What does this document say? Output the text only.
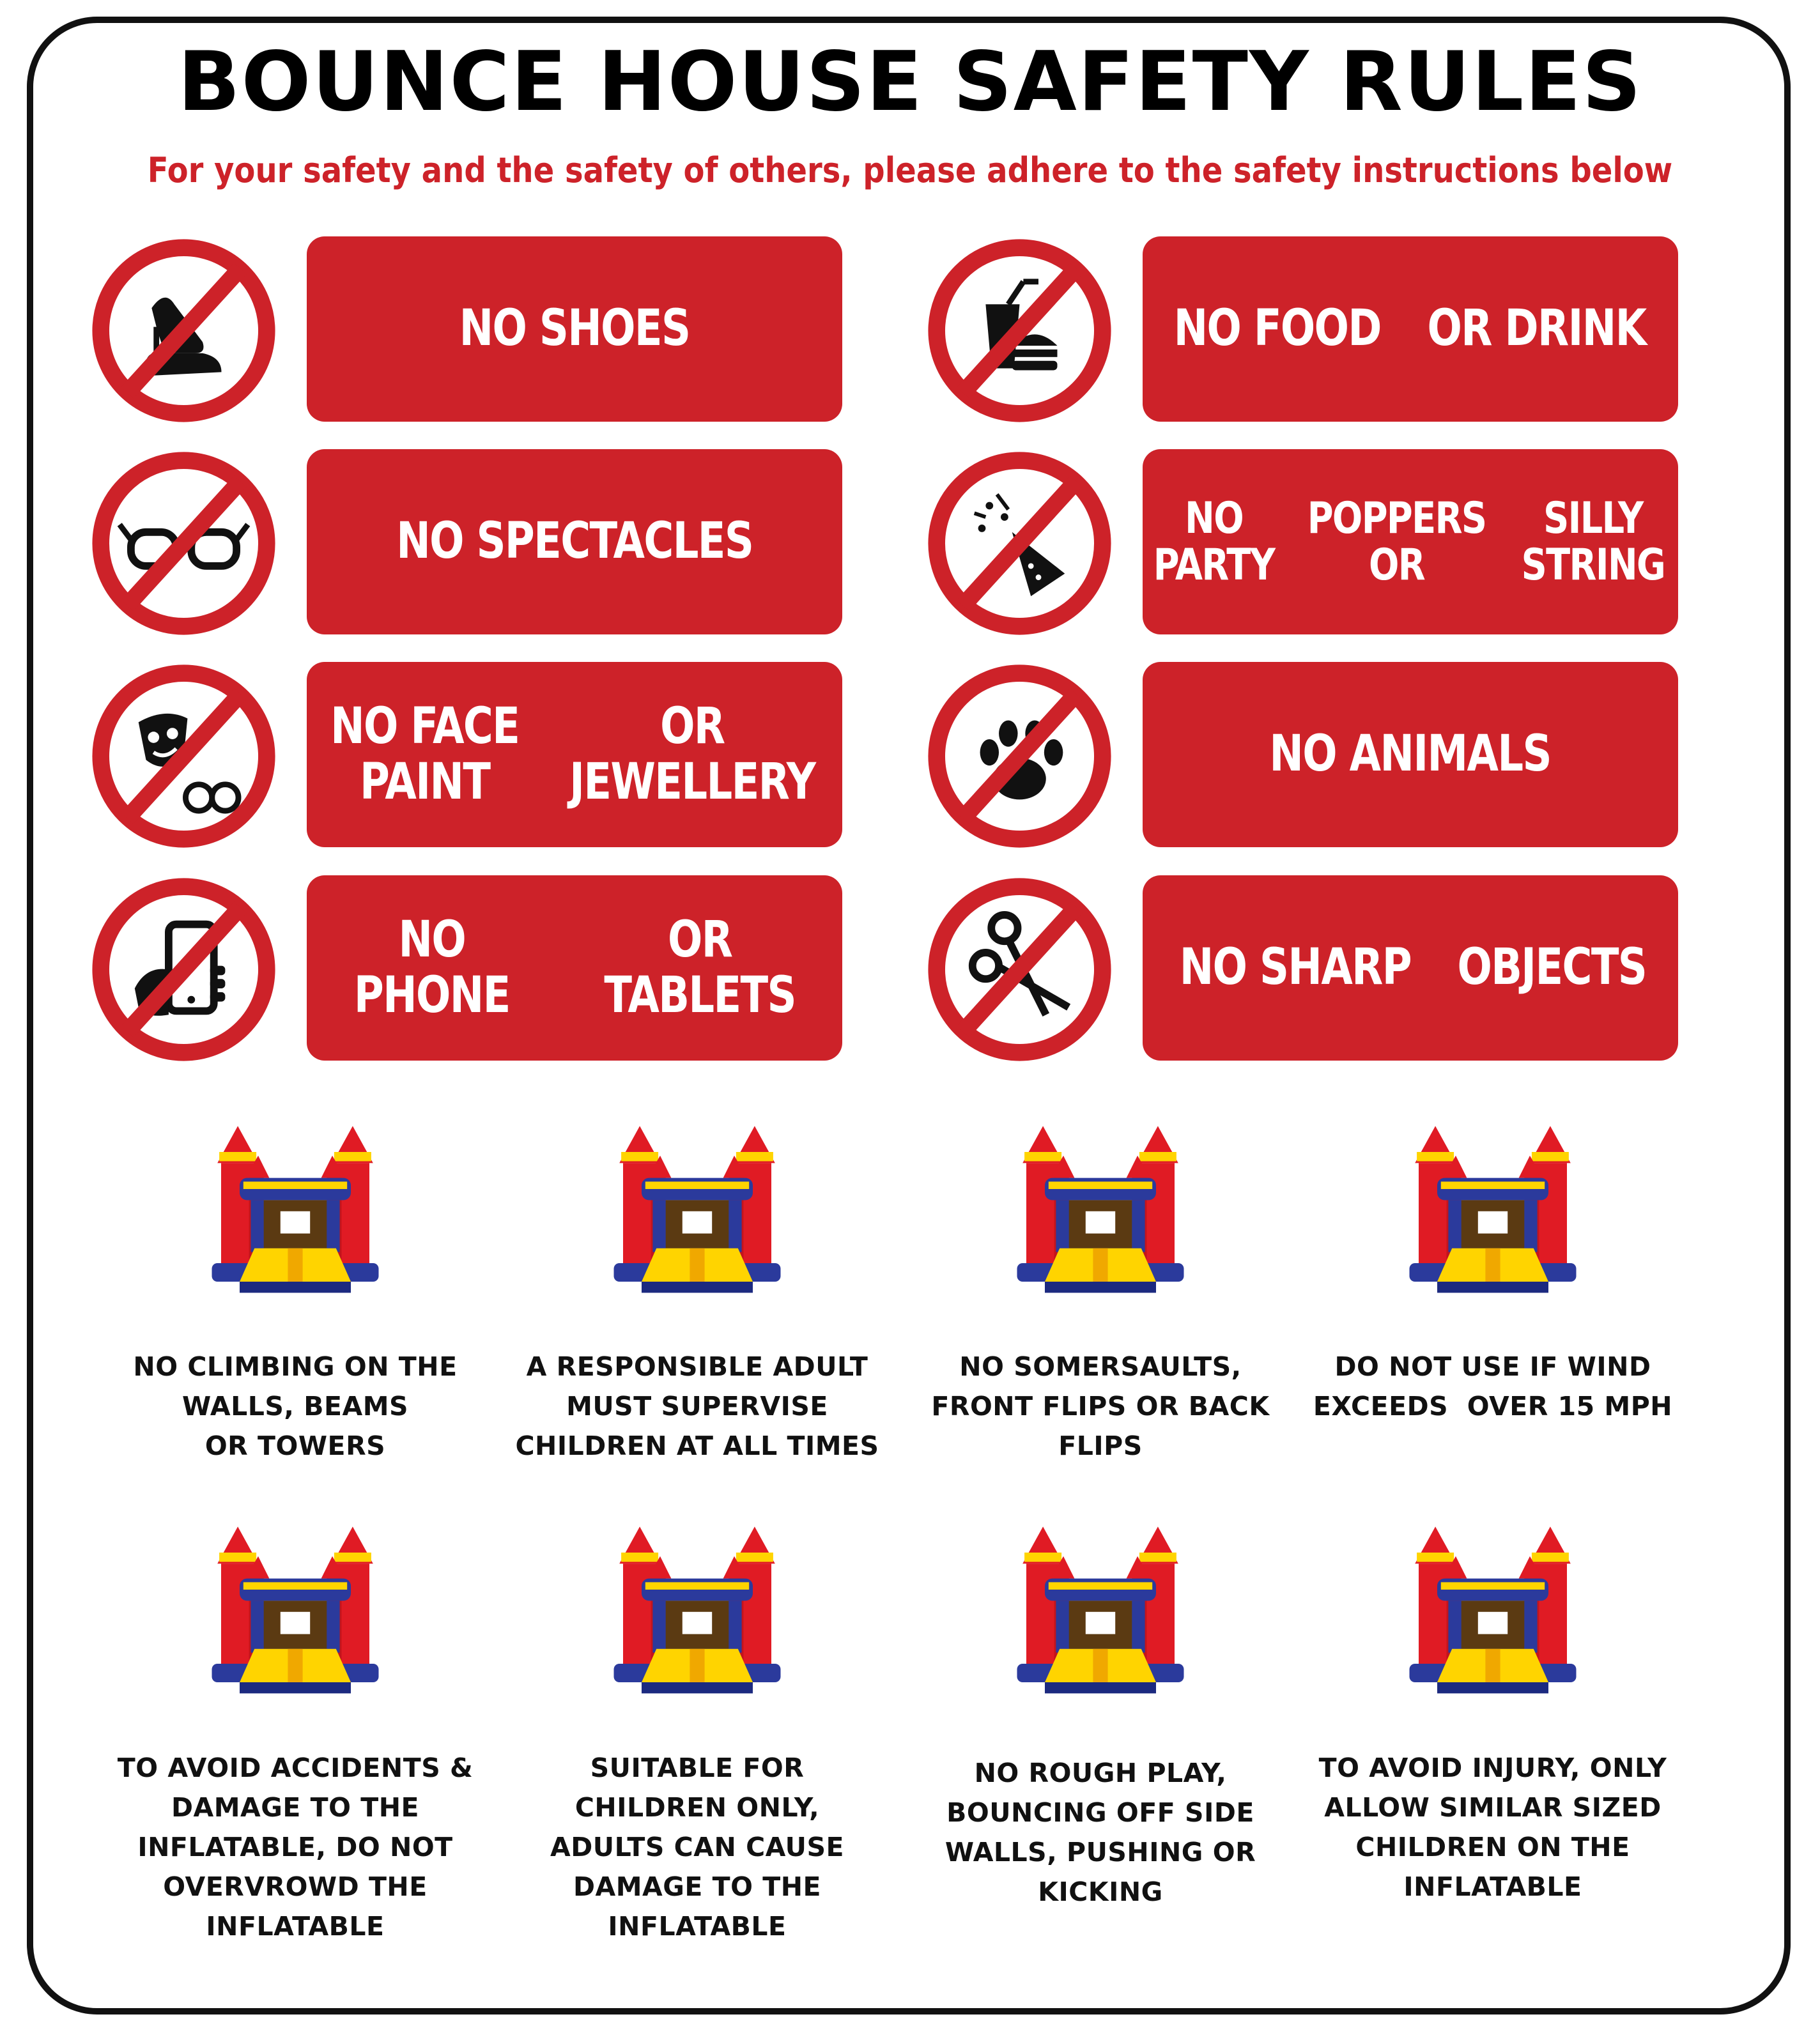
BOUNCE HOUSE SAFETY RULES
For your safety and the safety of others, please adhere to the safety instructions below
NO SHOES	NO FOOD OR DRINK
NO SPECTACLES	NO PARTY
POPPERS OR
SILLY STRING
NO FACE PAINT
OR JEWELLERY	NO ANIMALS
NO PHONE
OR TABLETS	NO SHARP OBJECTS
NO CLIMBING ON THE
WALLS, BEAMS
OR TOWERS
A RESPONSIBLE ADULT
MUST SUPERVISE
CHILDREN AT ALL TIMES
NO SOMERSAULTS,
FRONT FLIPS OR BACK
FLIPS
DO NOT USE IF WIND
EXCEEDS  OVER 15 MPH
TO AVOID ACCIDENTS &
DAMAGE TO THE
INFLATABLE, DO NOT
OVERVROWD THE
INFLATABLE
SUITABLE FOR
CHILDREN ONLY,
ADULTS CAN CAUSE
DAMAGE TO THE
INFLATABLE
NO ROUGH PLAY,
BOUNCING OFF SIDE
WALLS, PUSHING OR
KICKING
TO AVOID INJURY, ONLY
ALLOW SIMILAR SIZED
CHILDREN ON THE
INFLATABLE
